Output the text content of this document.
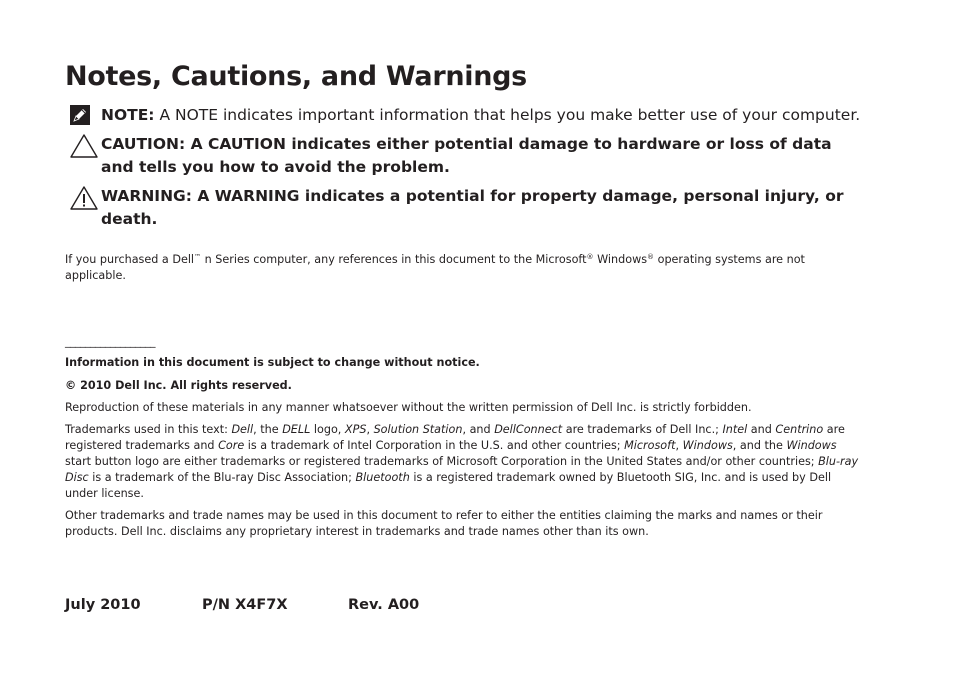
Notes, Cautions, and Warnings
NOTE: A NOTE indicates important information that helps you make better use of your computer.
CAUTION: A CAUTION indicates either potential damage to hardware or loss of data and tells you how to avoid the problem.
WARNING: A WARNING indicates a potential for property damage, personal injury, or death.

If you purchased a Dell™ n Series computer, any references in this document to the Microsoft® Windows® operating systems are not applicable.

__________________
Information in this document is subject to change without notice.
© 2010 Dell Inc. All rights reserved.
Reproduction of these materials in any manner whatsoever without the written permission of Dell Inc. is strictly forbidden.
Trademarks used in this text: Dell, the DELL logo, XPS, Solution Station, and DellConnect are trademarks of Dell Inc.; Intel and Centrino are registered trademarks and Core is a trademark of Intel Corporation in the U.S. and other countries; Microsoft, Windows, and the Windows start button logo are either trademarks or registered trademarks of Microsoft Corporation in the United States and/or other countries; Blu-ray Disc is a trademark of the Blu-ray Disc Association; Bluetooth is a registered trademark owned by Bluetooth SIG, Inc. and is used by Dell under license.
Other trademarks and trade names may be used in this document to refer to either the entities claiming the marks and names or their products. Dell Inc. disclaims any proprietary interest in trademarks and trade names other than its own.
July 2010	P/N X4F7X	Rev. A00
